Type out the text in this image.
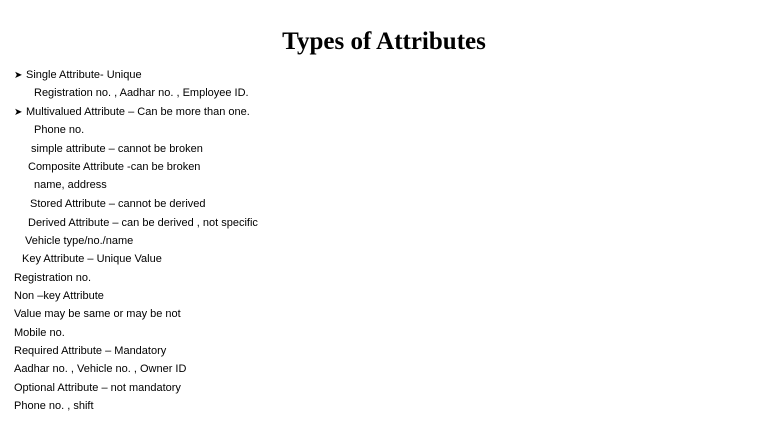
Types of Attributes
➤ Single Attribute- Unique
Registration no. , Aadhar no. , Employee ID.
➤ Multivalued Attribute – Can be more than one.
Phone no.
simple attribute – cannot be broken
Composite Attribute -can be broken
name, address
Stored Attribute – cannot be derived
Derived Attribute – can be derived , not specific
Vehicle type/no./name
Key Attribute – Unique Value
Registration no.
Non –key Attribute
Value may be same or may be not
Mobile no.
Required Attribute – Mandatory
Aadhar no. , Vehicle no. , Owner ID
Optional Attribute – not mandatory
Phone no. , shift
